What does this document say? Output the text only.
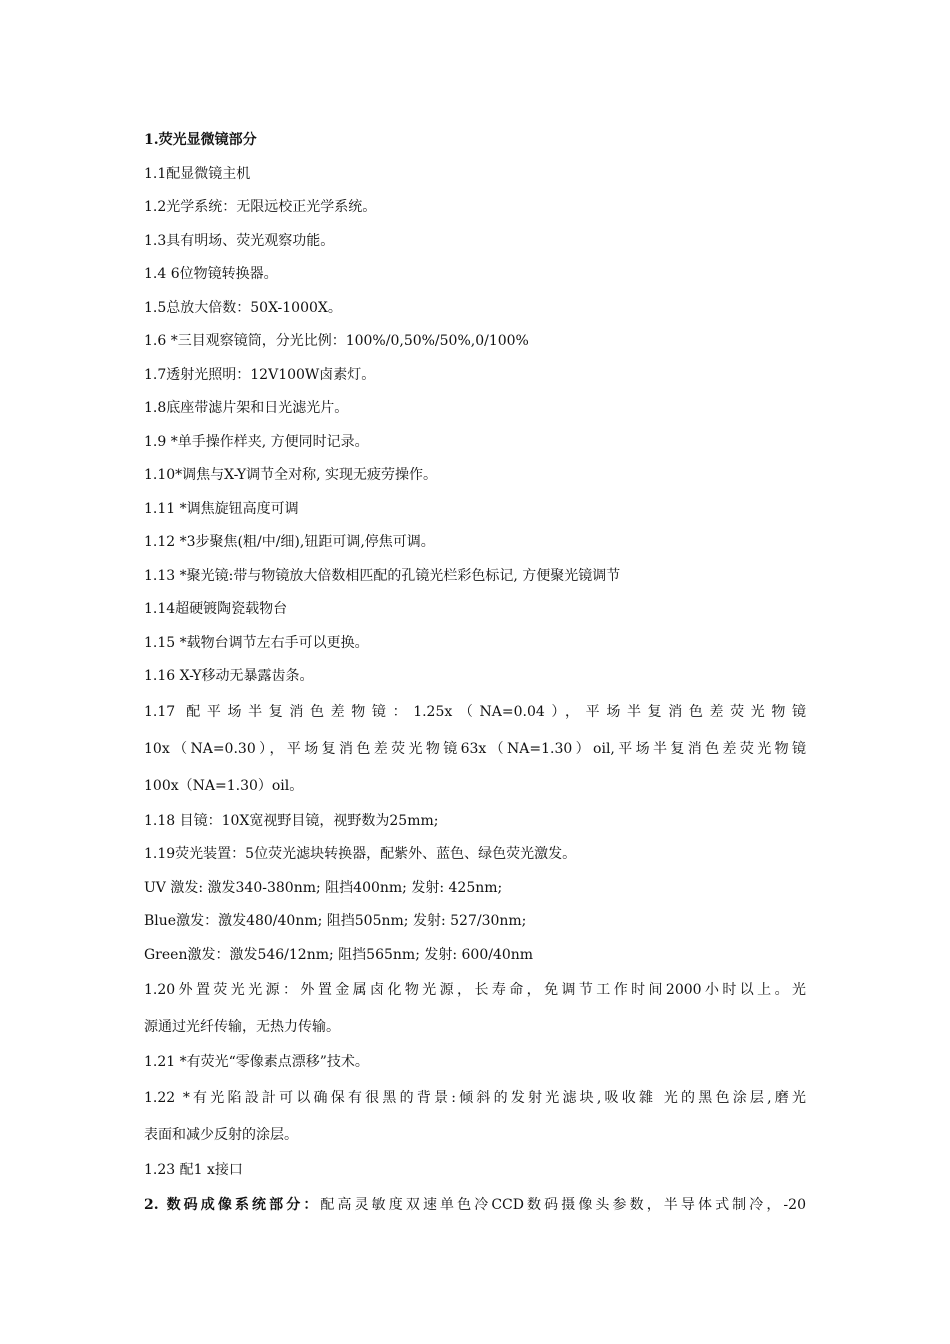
1.荧光显微镜部分
1.1配显微镜主机
1.2光学系统：无限远校正光学系统。
1.3具有明场、荧光观察功能。
1.4 6位物镜转换器。
1.5总放大倍数：50X-1000X。
1.6 *三目观察镜筒，分光比例：100%/0,50%/50%,0/100%
1.7透射光照明：12V100W卤素灯。
1.8底座带滤片架和日光滤光片。
1.9 *单手操作样夹, 方便同时记录。
1.10*调焦与X-Y调节全对称, 实现无疲劳操作。
1.11 *调焦旋钮高度可调
1.12 *3步聚焦(粗/中/细),钮距可调,停焦可调。
1.13 *聚光镜:带与物镜放大倍数相匹配的孔镜光栏彩色标记, 方便聚光镜调节
1.14超硬镀陶瓷载物台
1.15 *载物台调节左右手可以更换。
1.16 X-Y移动无暴露齿条。
1.17 配平场半复消色差物镜：1.25x（NA=0.04），平场半复消色差荧光物镜
10x（NA=0.30），平场复消色差荧光物镜63x（NA=1.30）oil,平场半复消色差荧光物镜
100x（NA=1.30）oil。
1.18 目镜：10X宽视野目镜，视野数为25mm;
1.19荧光装置：5位荧光滤块转换器，配紫外、蓝色、绿色荧光激发。
UV 激发: 激发340-380nm; 阻挡400nm; 发射: 425nm;
Blue激发：激发480/40nm; 阻挡505nm; 发射: 527/30nm;
Green激发：激发546/12nm; 阻挡565nm; 发射: 600/40nm
1.20外置荧光光源：外置金属卤化物光源，长寿命，免调节工作时间2000小时以上。光
源通过光纤传输，无热力传输。
1.21 *有荧光“零像素点漂移”技术。
1.22 *有光陷設計可以确保有很黑的背景:倾斜的发射光滤块,吸收雜 光的黑色涂层,磨光
表面和减少反射的涂层。
1.23 配1 x接口
2. 数码成像系统部分：配高灵敏度双速单色冷CCD数码摄像头参数，半导体式制冷，-20
